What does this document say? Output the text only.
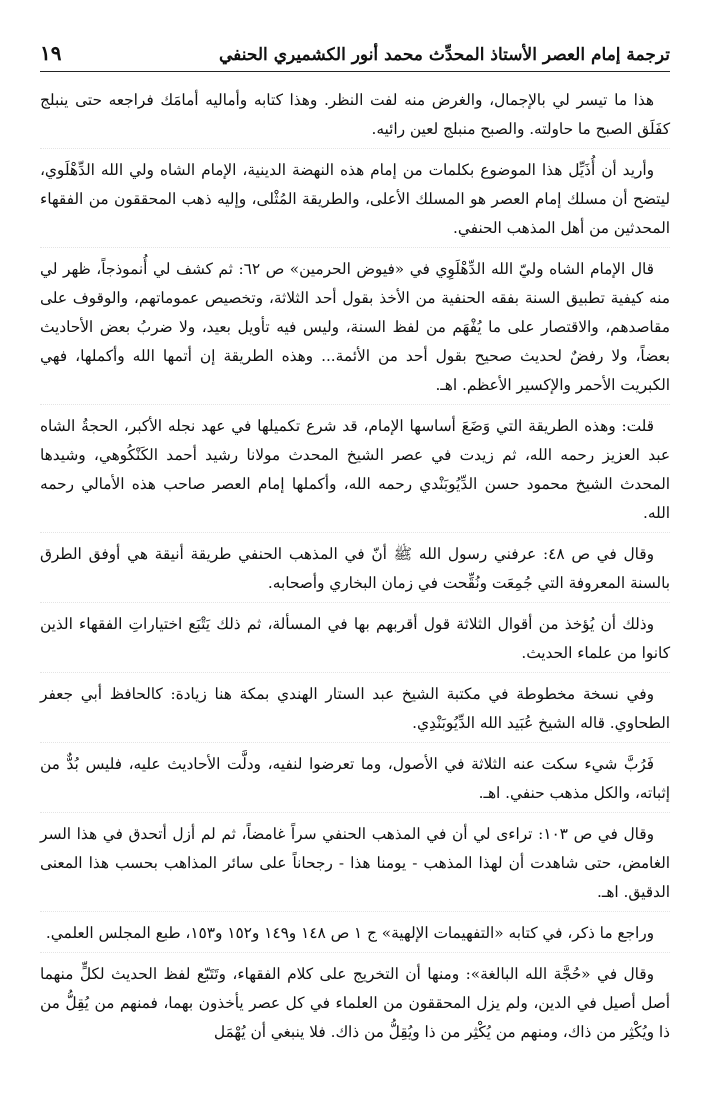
ترجمة إمام العصر الأستاذ المحدِّث محمد أنور الكشميري الحنفي
١٩

هذا ما تيسر لي بالإجمال، والغرض منه لفت النظر. وهذا كتابه وأماليه أمامَك فراجعه حتى ينبلج كفَلَق الصبح ما حاولته. والصبح منبلج لعين رائيه.

وأريد أن أُذَيِّل هذا الموضوع بكلمات من إمام هذه النهضة الدينية، الإمام الشاه ولي الله الدِّهْلَوي، ليتضح أن مسلك إمام العصر هو المسلك الأعلى، والطريقة المُثْلى، وإليه ذهب المحققون من الفقهاء المحدثين من أهل المذهب الحنفي.

قال الإمام الشاه وليّ الله الدِّهْلَوِي في «فيوض الحرمين» ص ٦٢: ثم كشف لي أُنموذجاً، ظهر لي منه كيفية تطبيق السنة بفقه الحنفية من الأخذ بقول أحد الثلاثة، وتخصيص عموماتهم، والوقوف على مقاصدهم، والاقتصار على ما يُفْهَم من لفظ السنة، وليس فيه تأويل بعيد، ولا ضربُ بعض الأحاديث بعضاً، ولا رفضٌ لحديث صحيح بقول أحد من الأئمة... وهذه الطريقة إن أتمها الله وأكملها، فهي الكبريت الأحمر والإكسير الأعظم. اهـ.

قلت: وهذه الطريقة التي وَضَعَ أساسها الإمام، قد شرع تكميلها في عهد نجله الأكبر، الحجةُ الشاه عبد العزيز رحمه الله، ثم زيدت في عصر الشيخ المحدث مولانا رشيد أحمد الكَنْكُوهي، وشيدها المحدث الشيخ محمود حسن الدِّيُوبَنْدي رحمه الله، وأكملها إمام العصر صاحب هذه الأمالي رحمه الله.

وقال في ص ٤٨: عرفني رسول الله ﷺ أنّ في المذهب الحنفي طريقة أنيقة هي أوفق الطرق بالسنة المعروفة التي جُمِعَت ونُقِّحت في زمان البخاري وأصحابه.

وذلك أن يُؤخذ من أقوال الثلاثة قول أقربهم بها في المسألة، ثم ذلك يَتْبَع اختياراتِ الفقهاء الذين كانوا من علماء الحديث.

وفي نسخة مخطوطة في مكتبة الشيخ عبد الستار الهندي بمكة هنا زيادة: كالحافظ أبي جعفر الطحاوي. قاله الشيخ عُبَيد الله الدِّيُوبَنْدِي.

فَرُبَّ شيء سكت عنه الثلاثة في الأصول، وما تعرضوا لنفيه، ودلَّت الأحاديث عليه، فليس بُدٌّ من إثباته، والكل مذهب حنفي. اهـ.

وقال في ص ١٠٣: تراءى لي أن في المذهب الحنفي سراً غامضاً، ثم لم أزل أتحدق في هذا السر الغامض، حتى شاهدت أن لهذا المذهب - يومنا هذا - رجحاناً على سائر المذاهب بحسب هذا المعنى الدقيق. اهـ.

وراجع ما ذكر، في كتابه «التفهيمات الإلهية» ج ١ ص ١٤٨ و١٤٩ و١٥٢ و١٥٣، طبع المجلس العلمي.

وقال في «حُجَّة الله البالغة»: ومنها أن التخريج على كلام الفقهاء، وتَتَبّع لفظ الحديث لكلٍّ منهما أصل أصيل في الدين، ولم يزل المحققون من العلماء في كل عصر يأخذون بهما، فمنهم من يُقِلُّ من ذا ويُكْثِر من ذاك، ومنهم من يُكْثِر من ذا ويُقِلُّ من ذاك. فلا ينبغي أن يُهْمَل
